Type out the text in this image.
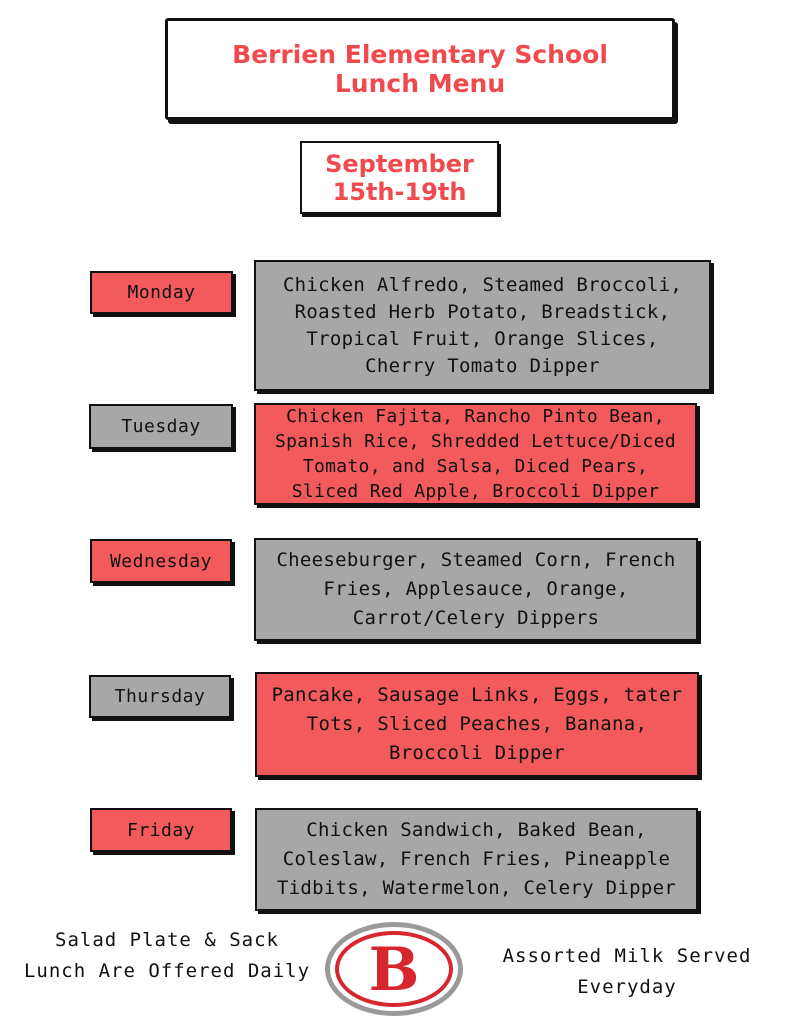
Berrien Elementary School
Lunch Menu
September
15th-19th
Monday	Chicken Alfredo, Steamed Broccoli, Roasted Herb Potato, Breadstick, Tropical Fruit, Orange Slices, Cherry Tomato Dipper
Tuesday	Chicken Fajita, Rancho Pinto Bean, Spanish Rice, Shredded Lettuce/Diced Tomato, and Salsa, Diced Pears, Sliced Red Apple, Broccoli Dipper
Wednesday	Cheeseburger, Steamed Corn, French Fries, Applesauce, Orange, Carrot/Celery Dippers
Thursday	Pancake, Sausage Links, Eggs, tater Tots, Sliced Peaches, Banana, Broccoli Dipper
Friday	Chicken Sandwich, Baked Bean, Coleslaw, French Fries, Pineapple Tidbits, Watermelon, Celery Dipper
Salad Plate & Sack Lunch Are Offered Daily B	Assorted Milk Served Everyday
